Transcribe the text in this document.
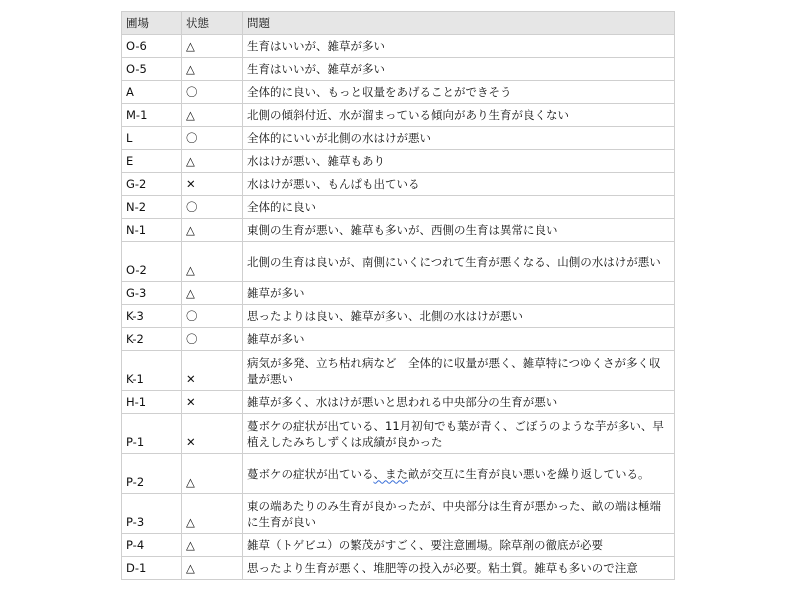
圃場	状態	問題
O-6	△	生育はいいが、雑草が多い
O-5	△	生育はいいが、雑草が多い
A	〇	全体的に良い、もっと収量をあげることができそう
M-1	△	北側の傾斜付近、水が溜まっている傾向があり生育が良くない
L	〇	全体的にいいが北側の水はけが悪い
E	△	水はけが悪い、雑草もあり
G-2	✕	水はけが悪い、もんぱも出ている
N-2	〇	全体的に良い
N-1	△	東側の生育が悪い、雑草も多いが、西側の生育は異常に良い
O-2	△	北側の生育は良いが、南側にいくにつれて生育が悪くなる、山側の水はけが悪い
G-3	△	雑草が多い
K-3	〇	思ったよりは良い、雑草が多い、北側の水はけが悪い
K-2	〇	雑草が多い
K-1	✕	病気が多発、立ち枯れ病など　全体的に収量が悪く、雑草特につゆくさが多く収量が悪い
H-1	✕	雑草が多く、水はけが悪いと思われる中央部分の生育が悪い
P-1	✕	蔓ボケの症状が出ている、11月初旬でも葉が青く、ごぼうのような芋が多い、早植えしたみちしずくは成績が良かった
P-2	△	蔓ボケの症状が出ている、また畝が交互に生育が良い悪いを繰り返している。
P-3	△	東の端あたりのみ生育が良かったが、中央部分は生育が悪かった、畝の端は極端に生育が良い
P-4	△	雑草（トゲビユ）の繁茂がすごく、要注意圃場。除草剤の徹底が必要
D-1	△	思ったより生育が悪く、堆肥等の投入が必要。粘土質。雑草も多いので注意
